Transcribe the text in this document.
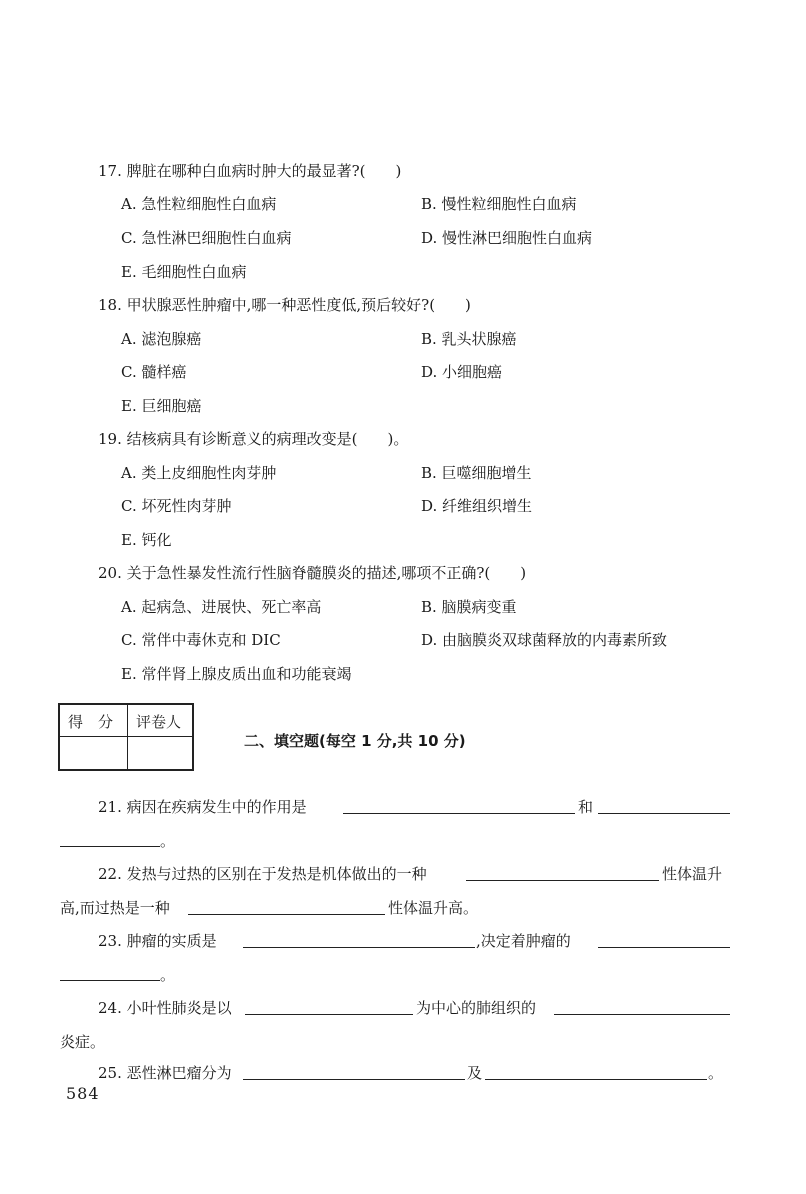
17. 脾脏在哪种白血病时肿大的最显著?(　　)
A. 急性粒细胞性白血病	B. 慢性粒细胞性白血病
C. 急性淋巴细胞性白血病	D. 慢性淋巴细胞性白血病
E. 毛细胞性白血病
18. 甲状腺恶性肿瘤中,哪一种恶性度低,预后较好?(　　)
A. 滤泡腺癌	B. 乳头状腺癌
C. 髓样癌	D. 小细胞癌
E. 巨细胞癌
19. 结核病具有诊断意义的病理改变是(　　)。
A. 类上皮细胞性肉芽肿	B. 巨噬细胞增生
C. 坏死性肉芽肿	D. 纤维组织增生
E. 钙化
20. 关于急性暴发性流行性脑脊髓膜炎的描述,哪项不正确?(　　)
A. 起病急、进展快、死亡率高	B. 脑膜病变重
C. 常伴中毒休克和 DIC	D. 由脑膜炎双球菌释放的内毒素所致
E. 常伴肾上腺皮质出血和功能衰竭
得　分 评卷人
二、填空题(每空 1 分,共 10 分)
21. 病因在疾病发生中的作用是	和
。
22. 发热与过热的区别在于发热是机体做出的一种	性体温升
高,而过热是一种	性体温升高。
23. 肿瘤的实质是	,决定着肿瘤的
。
24. 小叶性肺炎是以	为中心的肺组织的
炎症。
25. 恶性淋巴瘤分为	及	。
584
